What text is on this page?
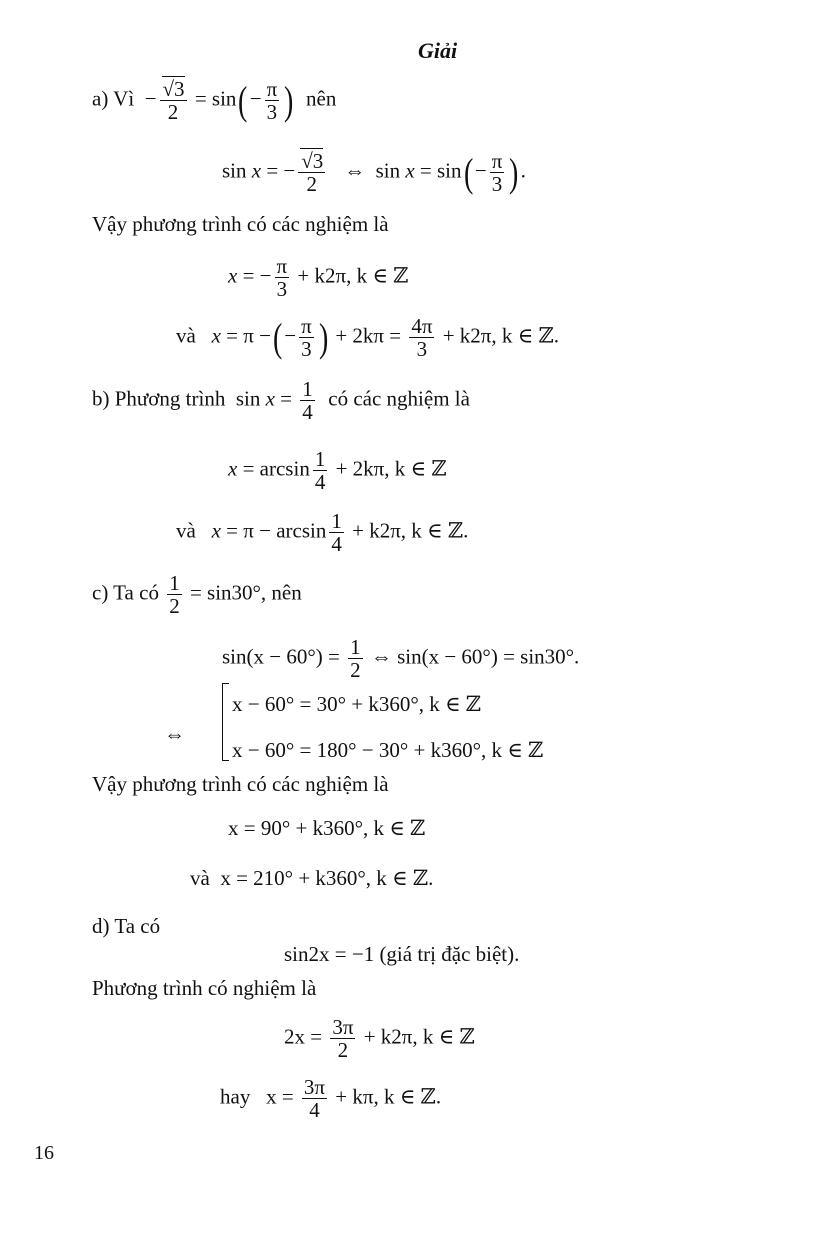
Giải
a) Vì  − $\frac{√3}{2} = \sin(- \frac{\pi}{3}$ ) nên
sin x = − $\frac{√3}{2}$ ⇔ $\sin x = \sin(- \frac{\pi}{3}$ ).
Vậy phương trình có các nghiệm là
x = − $\frac{\pi}{3} + k2\pi$, k ∈ ℤ
và x = π −(− $\frac{\pi}{3}$ ) + $2k\pi = \frac{4\pi}{3} + k2\pi$, k ∈ ℤ.
b) Phương trình  $\sin x = \frac{1}{4}$ có các nghiệm là
$x = \arcsin \frac{1}{4} + 2k\pi$, k ∈ ℤ
và $x = \pi - \arcsin \frac{1}{4} + k2\pi$, k ∈ ℤ.
c) Ta có $\frac{1}{2} = \sin 30^\circ$, nên
$\sin(x - 60^\circ) = \frac{1}{2}$ ⇔ sin(x − 60°) = sin30°.
⇔
x − 60° = 30° + k360°, k ∈ ℤ
x − 60° = 180° − 30° + k360°, k ∈ ℤ
Vậy phương trình có các nghiệm là
x = 90° + k360°, k ∈ ℤ
và x = 210° + k360°, k ∈ ℤ.
d) Ta có
sin2x = −1 (giá trị đặc biệt).
Phương trình có nghiệm là
$2x = \frac{3\pi}{2} + k2\pi$, k ∈ ℤ
hay $x = \frac{3\pi}{4} + k\pi$, k ∈ ℤ.
16
